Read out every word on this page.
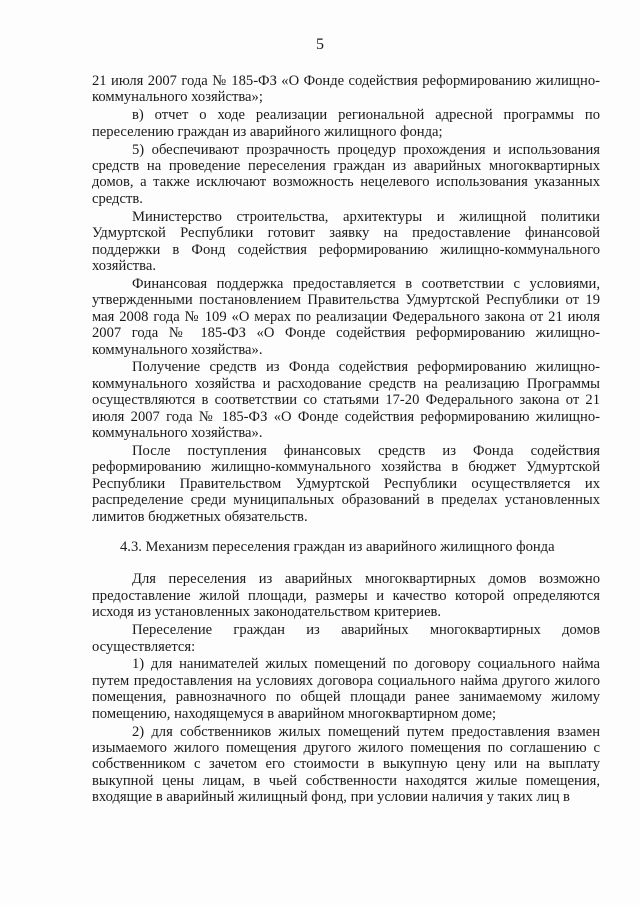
5

21 июля 2007 года № 185-ФЗ «О Фонде содействия реформированию жилищно-коммунального хозяйства»;

в) отчет о ходе реализации региональной адресной программы по переселению граждан из аварийного жилищного фонда;

5) обеспечивают прозрачность процедур прохождения и использования средств на проведение переселения граждан из аварийных многоквартирных домов, а также исключают возможность нецелевого использования указанных средств.

Министерство строительства, архитектуры и жилищной политики Удмуртской Республики готовит заявку на предоставление финансовой поддержки в Фонд содействия реформированию жилищно-коммунального хозяйства.

Финансовая поддержка предоставляется в соответствии с условиями, утвержденными постановлением Правительства Удмуртской Республики от 19 мая 2008 года № 109 «О мерах по реализации Федерального закона от 21 июля 2007 года № 185-ФЗ «О Фонде содействия реформированию жилищно-коммунального хозяйства».

Получение средств из Фонда содействия реформированию жилищно-коммунального хозяйства и расходование средств на реализацию Программы осуществляются в соответствии со статьями 17-20 Федерального закона от 21 июля 2007 года № 185-ФЗ «О Фонде содействия реформированию жилищно-коммунального хозяйства».

После поступления финансовых средств из Фонда содействия реформированию жилищно-коммунального хозяйства в бюджет Удмуртской Республики Правительством Удмуртской Республики осуществляется их распределение среди муниципальных образований в пределах установленных лимитов бюджетных обязательств.

4.3. Механизм переселения граждан из аварийного жилищного фонда

Для переселения из аварийных многоквартирных домов возможно предоставление жилой площади, размеры и качество которой определяются исходя из установленных законодательством критериев.

Переселение граждан из аварийных многоквартирных домов осуществляется:

1) для нанимателей жилых помещений по договору социального найма путем предоставления на условиях договора социального найма другого жилого помещения, равнозначного по общей площади ранее занимаемому жилому помещению, находящемуся в аварийном многоквартирном доме;

2) для собственников жилых помещений путем предоставления взамен изымаемого жилого помещения другого жилого помещения по соглашению с собственником с зачетом его стоимости в выкупную цену или на выплату выкупной цены лицам, в чьей собственности находятся жилые помещения, входящие в аварийный жилищный фонд, при условии наличия у таких лиц в
